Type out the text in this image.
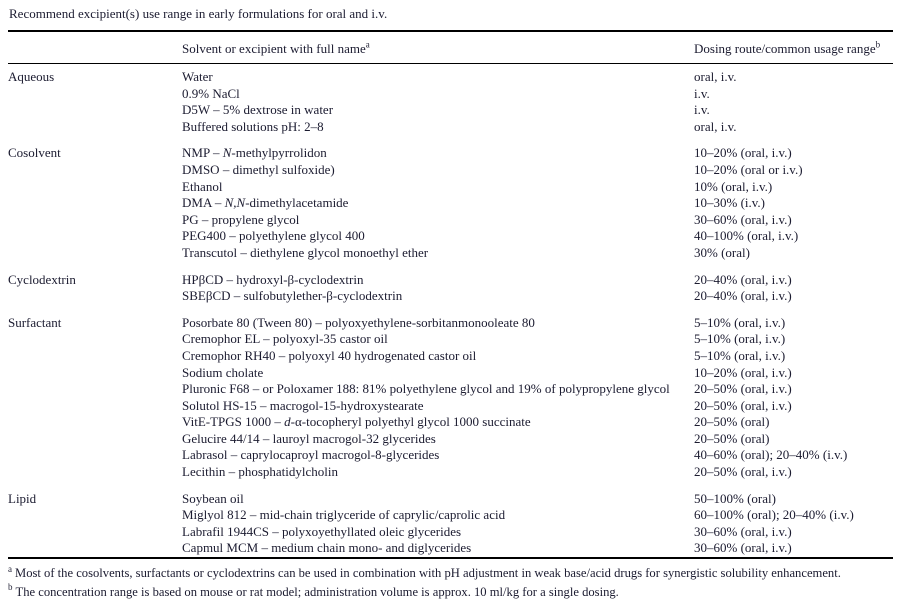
Recommend excipient(s) use range in early formulations for oral and i.v.
	Solvent or excipient with full name$^a$	Dosing route/common usage range$^b$
Aqueous	Water	oral, i.v.
	0.9% NaCl	i.v.
	D5W – 5% dextrose in water	i.v.
	Buffered solutions pH: 2–8	oral, i.v.
Cosolvent	NMP – N-methylpyrrolidon	10–20% (oral, i.v.)
	DMSO – dimethyl sulfoxide)	10–20% (oral or i.v.)
	Ethanol	10% (oral, i.v.)
	DMA – N,N-dimethylacetamide	10–30% (i.v.)
	PG – propylene glycol	30–60% (oral, i.v.)
	PEG400 – polyethylene glycol 400	40–100% (oral, i.v.)
	Transcutol – diethylene glycol monoethyl ether	30% (oral)
Cyclodextrin	HPβCD – hydroxyl-β-cyclodextrin	20–40% (oral, i.v.)
	SBEβCD – sulfobutylether-β-cyclodextrin	20–40% (oral, i.v.)
Surfactant	Posorbate 80 (Tween 80) – polyoxyethylene-sorbitanmonooleate 80	5–10% (oral, i.v.)
	Cremophor EL – polyoxyl-35 castor oil	5–10% (oral, i.v.)
	Cremophor RH40 – polyoxyl 40 hydrogenated castor oil	5–10% (oral, i.v.)
	Sodium cholate	10–20% (oral, i.v.)
	Pluronic F68 – or Poloxamer 188: 81% polyethylene glycol and 19% of polypropylene glycol	20–50% (oral, i.v.)
	Solutol HS-15 – macrogol-15-hydroxystearate	20–50% (oral, i.v.)
	VitE-TPGS 1000 – d-α-tocopheryl polyethyl glycol 1000 succinate	20–50% (oral)
	Gelucire 44/14 – lauroyl macrogol-32 glycerides	20–50% (oral)
	Labrasol – caprylocaproyl macrogol-8-glycerides	40–60% (oral); 20–40% (i.v.)
	Lecithin – phosphatidylcholin	20–50% (oral, i.v.)
Lipid	Soybean oil	50–100% (oral)
	Miglyol 812 – mid-chain triglyceride of caprylic/caprolic acid	60–100% (oral); 20–40% (i.v.)
	Labrafil 1944CS – polyxoyethyllated oleic glycerides	30–60% (oral, i.v.)
	Capmul MCM – medium chain mono- and diglycerides	30–60% (oral, i.v.)
$^a$ Most of the cosolvents, surfactants or cyclodextrins can be used in combination with pH adjustment in weak base/acid drugs for synergistic solubility enhancement.
$^b$ The concentration range is based on mouse or rat model; administration volume is approx. 10 ml/kg for a single dosing.
